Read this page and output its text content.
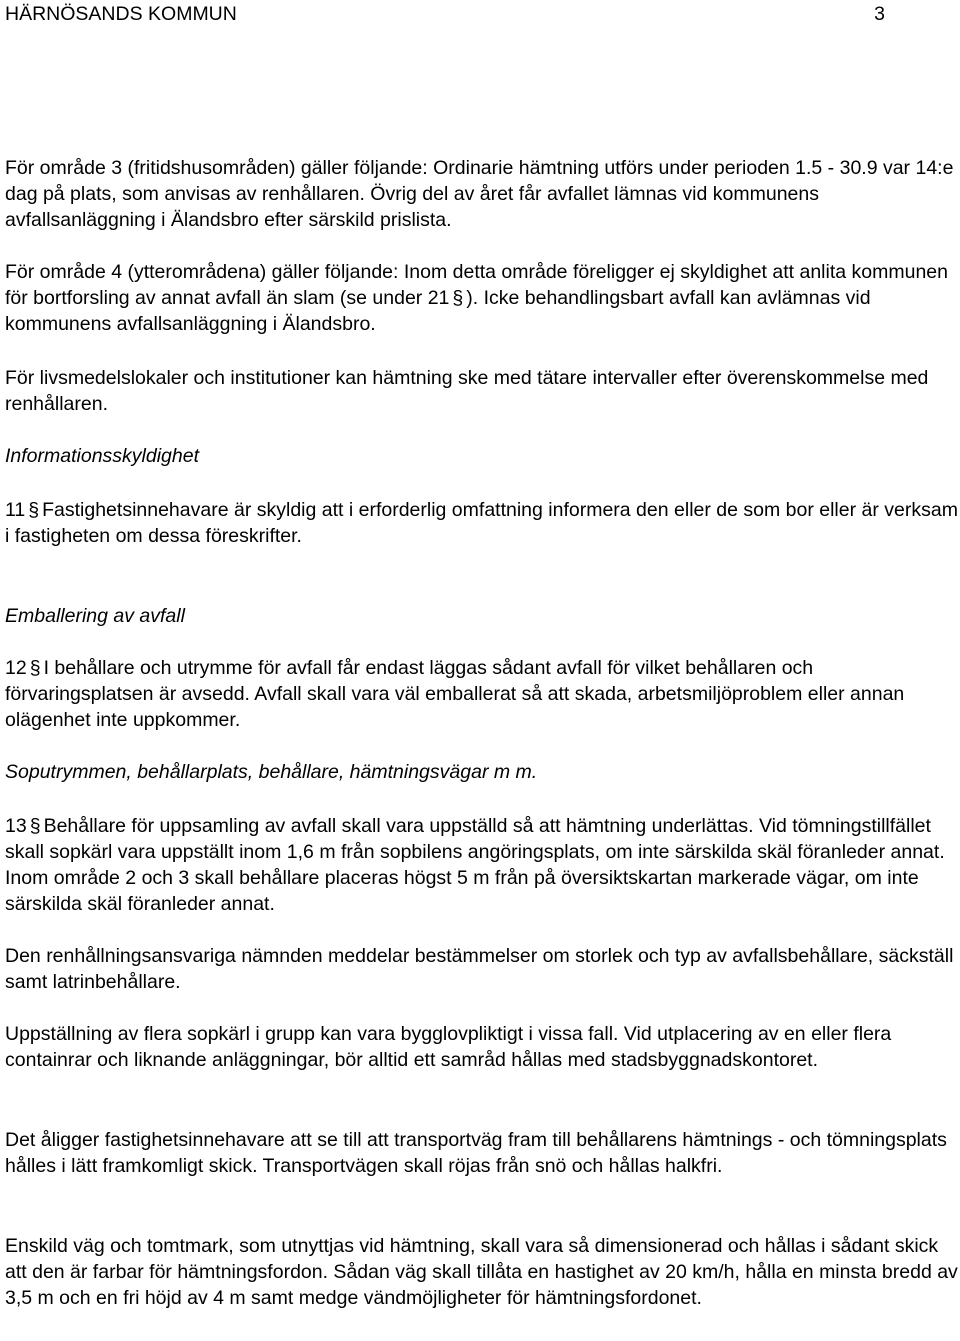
HÄRNÖSANDS KOMMUN	3

För område 3 (fritidshusområden) gäller följande: Ordinarie hämtning utförs under perioden 1.5 - 30.9 var 14:e dag på plats, som anvisas av renhållaren. Övrig del av året får avfallet lämnas vid kommunens avfallsanläggning i Älandsbro efter särskild prislista.

För område 4 (ytterområdena) gäller följande: Inom detta område föreligger ej skyldighet att anlita kommunen för bortforsling av annat avfall än slam (se under 21 § ). Icke behandlingsbart avfall kan avlämnas vid kommunens avfallsanläggning i Älandsbro.

För livsmedelslokaler och institutioner kan hämtning ske med tätare intervaller efter överenskommelse med renhållaren.

Informationsskyldighet

11 § Fastighetsinnehavare är skyldig att i erforderlig omfattning informera den eller de som bor eller är verksam i fastigheten om dessa föreskrifter.

Emballering av avfall

12 § I behållare och utrymme för avfall får endast läggas sådant avfall för vilket behållaren och förvaringsplatsen är avsedd. Avfall skall vara väl emballerat så att skada, arbetsmiljöproblem eller annan olägenhet inte uppkommer.

Soputrymmen, behållarplats, behållare, hämtningsvägar m m.

13 § Behållare för uppsamling av avfall skall vara uppställd så att hämtning underlättas. Vid tömningstillfället skall sopkärl vara uppställt inom 1,6 m från sopbilens angöringsplats, om inte särskilda skäl föranleder annat. Inom område 2 och 3 skall behållare placeras högst 5 m från på översiktskartan markerade vägar, om inte särskilda skäl föranleder annat.

Den renhållningsansvariga nämnden meddelar bestämmelser om storlek och typ av avfallsbehållare, säckställ samt latrinbehållare.

Uppställning av flera sopkärl i grupp kan vara bygglovpliktigt i vissa fall. Vid utplacering av en eller flera containrar och liknande anläggningar, bör alltid ett samråd hållas med stadsbyggnadskontoret.

Det åligger fastighetsinnehavare att se till att transportväg fram till behållarens hämtnings - och tömningsplats hålles i lätt framkomligt skick. Transportvägen skall röjas från snö och hållas halkfri.

Enskild väg och tomtmark, som utnyttjas vid hämtning, skall vara så dimensionerad och hållas i sådant skick att den är farbar för hämtningsfordon. Sådan väg skall tillåta en hastighet av 20 km/h, hålla en minsta bredd av 3,5 m och en fri höjd av 4 m samt medge vändmöjligheter för hämtningsfordonet.
